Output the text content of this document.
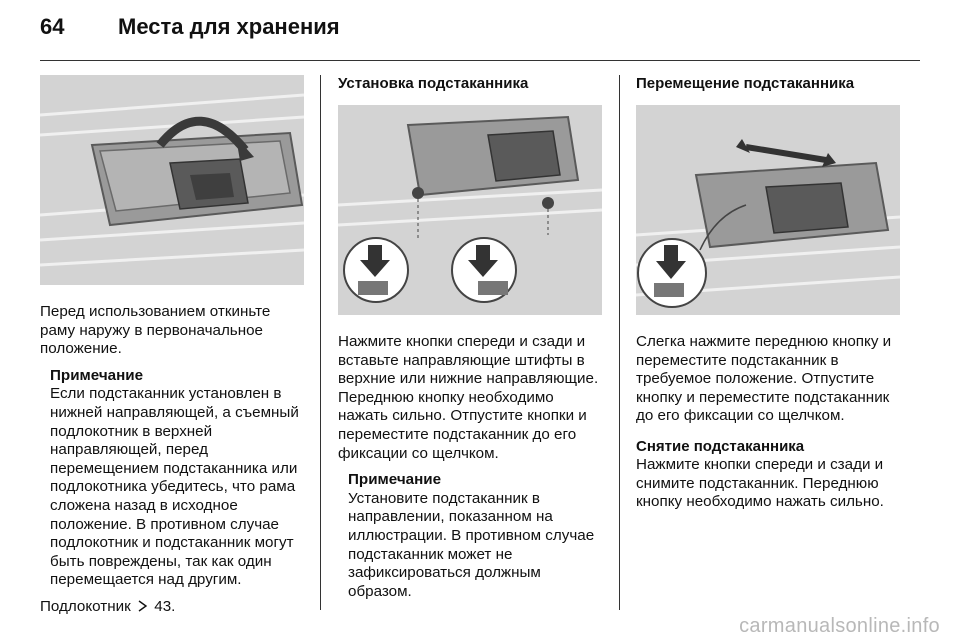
64	Места для хранения

Перед использованием откиньте раму наружу в первоначальное положение.

Примечание

Если подстаканник установлен в нижней направляющей, а съемный подлокотник в верхней направляющей, перед перемещением подстаканника или подлокотника убедитесь, что рама сложена назад в исходное положение. В противном случае подлокотник и подстаканник могут быть повреждены, так как один перемещается над другим.

Подлокотник 43.

Установка подстаканника

Нажмите кнопки спереди и сзади и вставьте направляющие штифты в верхние или нижние направляющие. Переднюю кнопку необходимо нажать сильно. Отпустите кнопки и переместите подстаканник до его фиксации со щелчком.

Примечание

Установите подстаканник в направлении, показанном на иллюстрации. В противном случае подстаканник может не зафиксироваться должным образом.

Перемещение подстаканника

Слегка нажмите переднюю кнопку и переместите подстаканник в требуемое положение. Отпустите кнопку и переместите подстаканник до его фиксации со щелчком.

Снятие подстаканника

Нажмите кнопки спереди и сзади и снимите подстаканник. Переднюю кнопку необходимо нажать сильно.

carmanualsonline.info
